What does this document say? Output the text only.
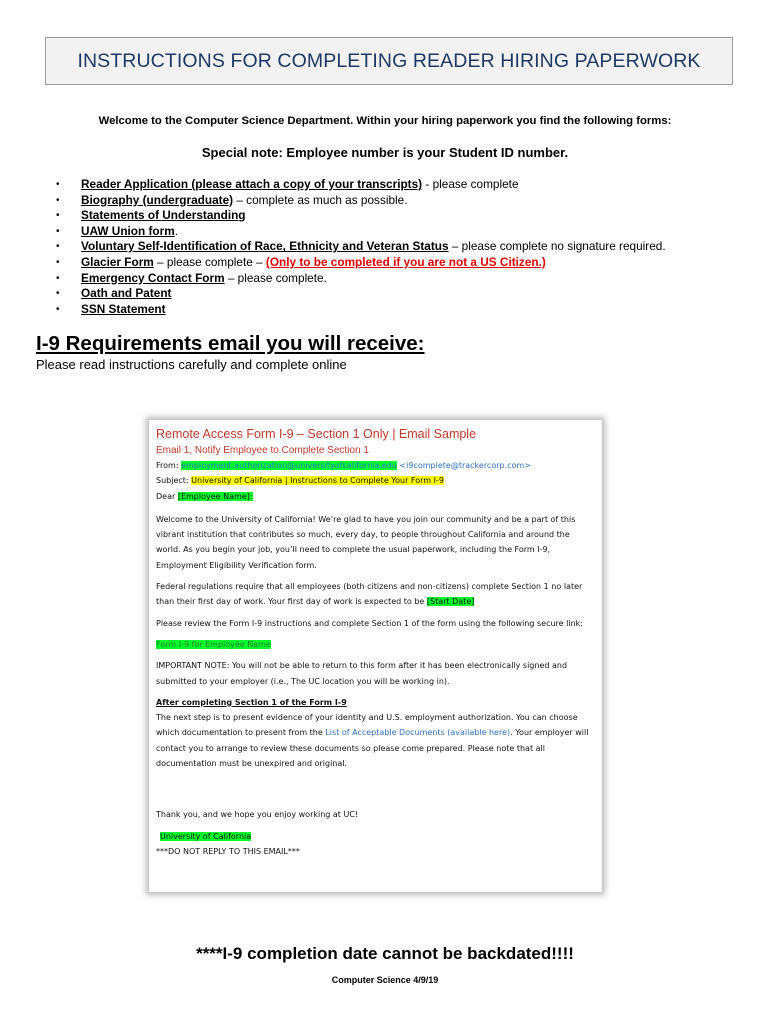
INSTRUCTIONS FOR COMPLETING READER HIRING PAPERWORK
Welcome to the Computer Science Department. Within your hiring paperwork you find the following forms:
Special note: Employee number is your Student ID number.
• Reader Application (please attach a copy of your transcripts) - please complete
• Biography (undergraduate) – complete as much as possible.
• Statements of Understanding
• UAW Union form.
• Voluntary Self-Identification of Race, Ethnicity and Veteran Status – please complete no signature required.
• Glacier Form – please complete – (Only to be completed if you are not a US Citizen.)
• Emergency Contact Form – please complete.
• Oath and Patent
• SSN Statement
I-9 Requirements email you will receive:
Please read instructions carefully and complete online
Remote Access Form I-9 – Section 1 Only | Email Sample
Email 1, Notify Employee to Complete Section 1
From: employment.authorization@universityofcalifornia.edu <i9complete@trackercorp.com>
Subject: University of California | Instructions to Complete Your Form I-9
Dear [Employee Name]:

Welcome to the University of California! We’re glad to have you join our community and be a part of this vibrant institution that contributes so much, every day, to people throughout California and around the world. As you begin your job, you’ll need to complete the usual paperwork, including the Form I-9, Employment Eligibility Verification form.

Federal regulations require that all employees (both citizens and non-citizens) complete Section 1 no later than their first day of work. Your first day of work is expected to be [Start Date]

Please review the Form I-9 instructions and complete Section 1 of the form using the following secure link:

Form I-9 for Employee Name

IMPORTANT NOTE: You will not be able to return to this form after it has been electronically signed and submitted to your employer (i.e., The UC location you will be working in).

After completing Section 1 of the Form I-9

The next step is to present evidence of your identity and U.S. employment authorization. You can choose which documentation to present from the List of Acceptable Documents (available here). Your employer will contact you to arrange to review these documents so please come prepared. Please note that all documentation must be unexpired and original.

Thank you, and we hope you enjoy working at UC!

University of California

***DO NOT REPLY TO THIS EMAIL***

****I-9 completion date cannot be backdated!!!!
Computer Science 4/9/19
